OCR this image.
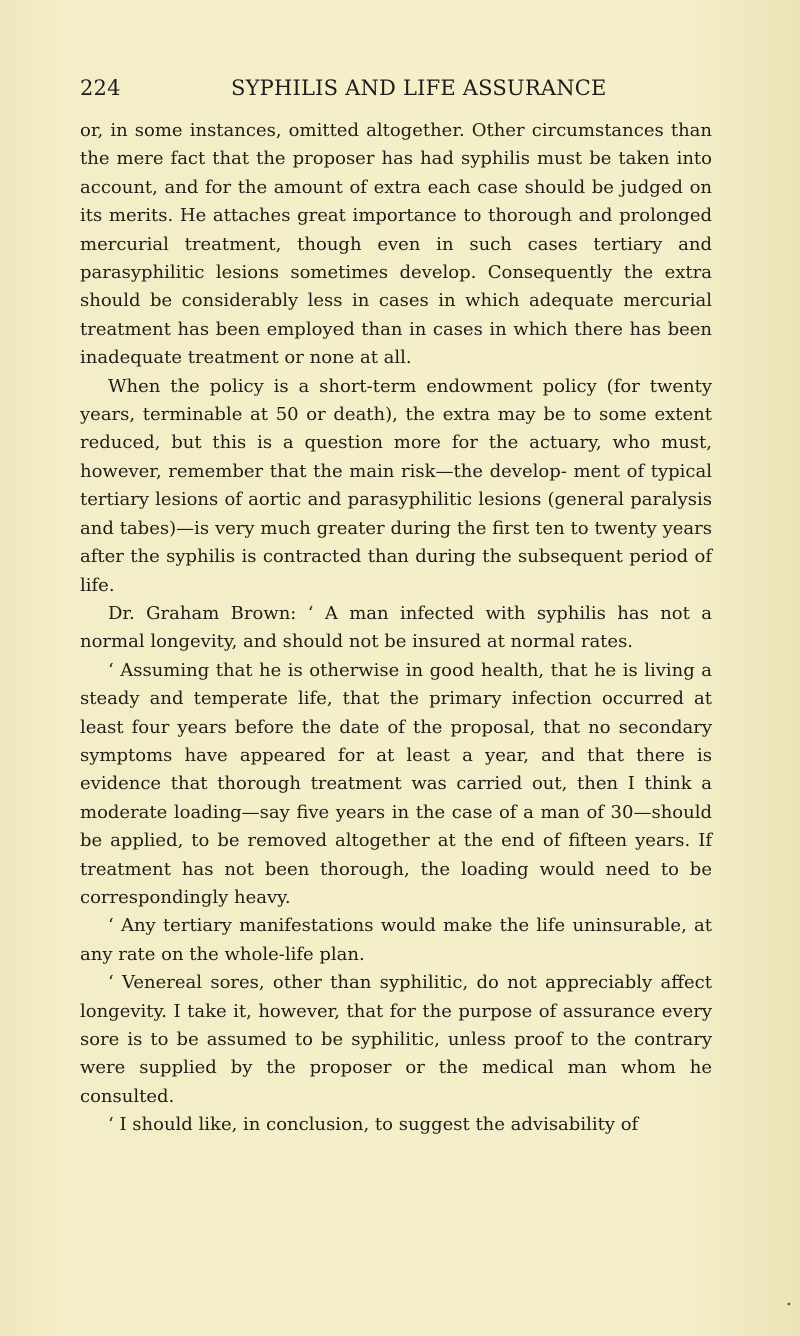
224	SYPHILIS AND LIFE ASSURANCE

or, in some instances, omitted altogether. Other circumstances than the mere fact that the proposer has had syphilis must be taken into account, and for the amount of extra each case should be judged on its merits. He attaches great importance to thorough and prolonged mercurial treatment, though even in such cases tertiary and parasyphilitic lesions sometimes develop. Consequently the extra should be considerably less in cases in which adequate mercurial treatment has been employed than in cases in which there has been inadequate treatment or none at all.

When the policy is a short-term endowment policy (for twenty years, terminable at 50 or death), the extra may be to some extent reduced, but this is a question more for the actuary, who must, however, remember that the main risk—the develop- ment of typical tertiary lesions of aortic and parasyphilitic lesions (general paralysis and tabes)—is very much greater during the first ten to twenty years after the syphilis is contracted than during the subsequent period of life.

Dr. Graham Brown: ‘ A man infected with syphilis has not a normal longevity, and should not be insured at normal rates.

‘ Assuming that he is otherwise in good health, that he is living a steady and temperate life, that the primary infection occurred at least four years before the date of the proposal, that no secondary symptoms have appeared for at least a year, and that there is evidence that thorough treatment was carried out, then I think a moderate loading—say five years in the case of a man of 30—should be applied, to be removed altogether at the end of fifteen years. If treatment has not been thorough, the loading would need to be correspondingly heavy.

‘ Any tertiary manifestations would make the life uninsurable, at any rate on the whole-life plan.

‘ Venereal sores, other than syphilitic, do not appreciably affect longevity. I take it, however, that for the purpose of assurance every sore is to be assumed to be syphilitic, unless proof to the contrary were supplied by the proposer or the medical man whom he consulted.

‘ I should like, in conclusion, to suggest the advisability of

•
